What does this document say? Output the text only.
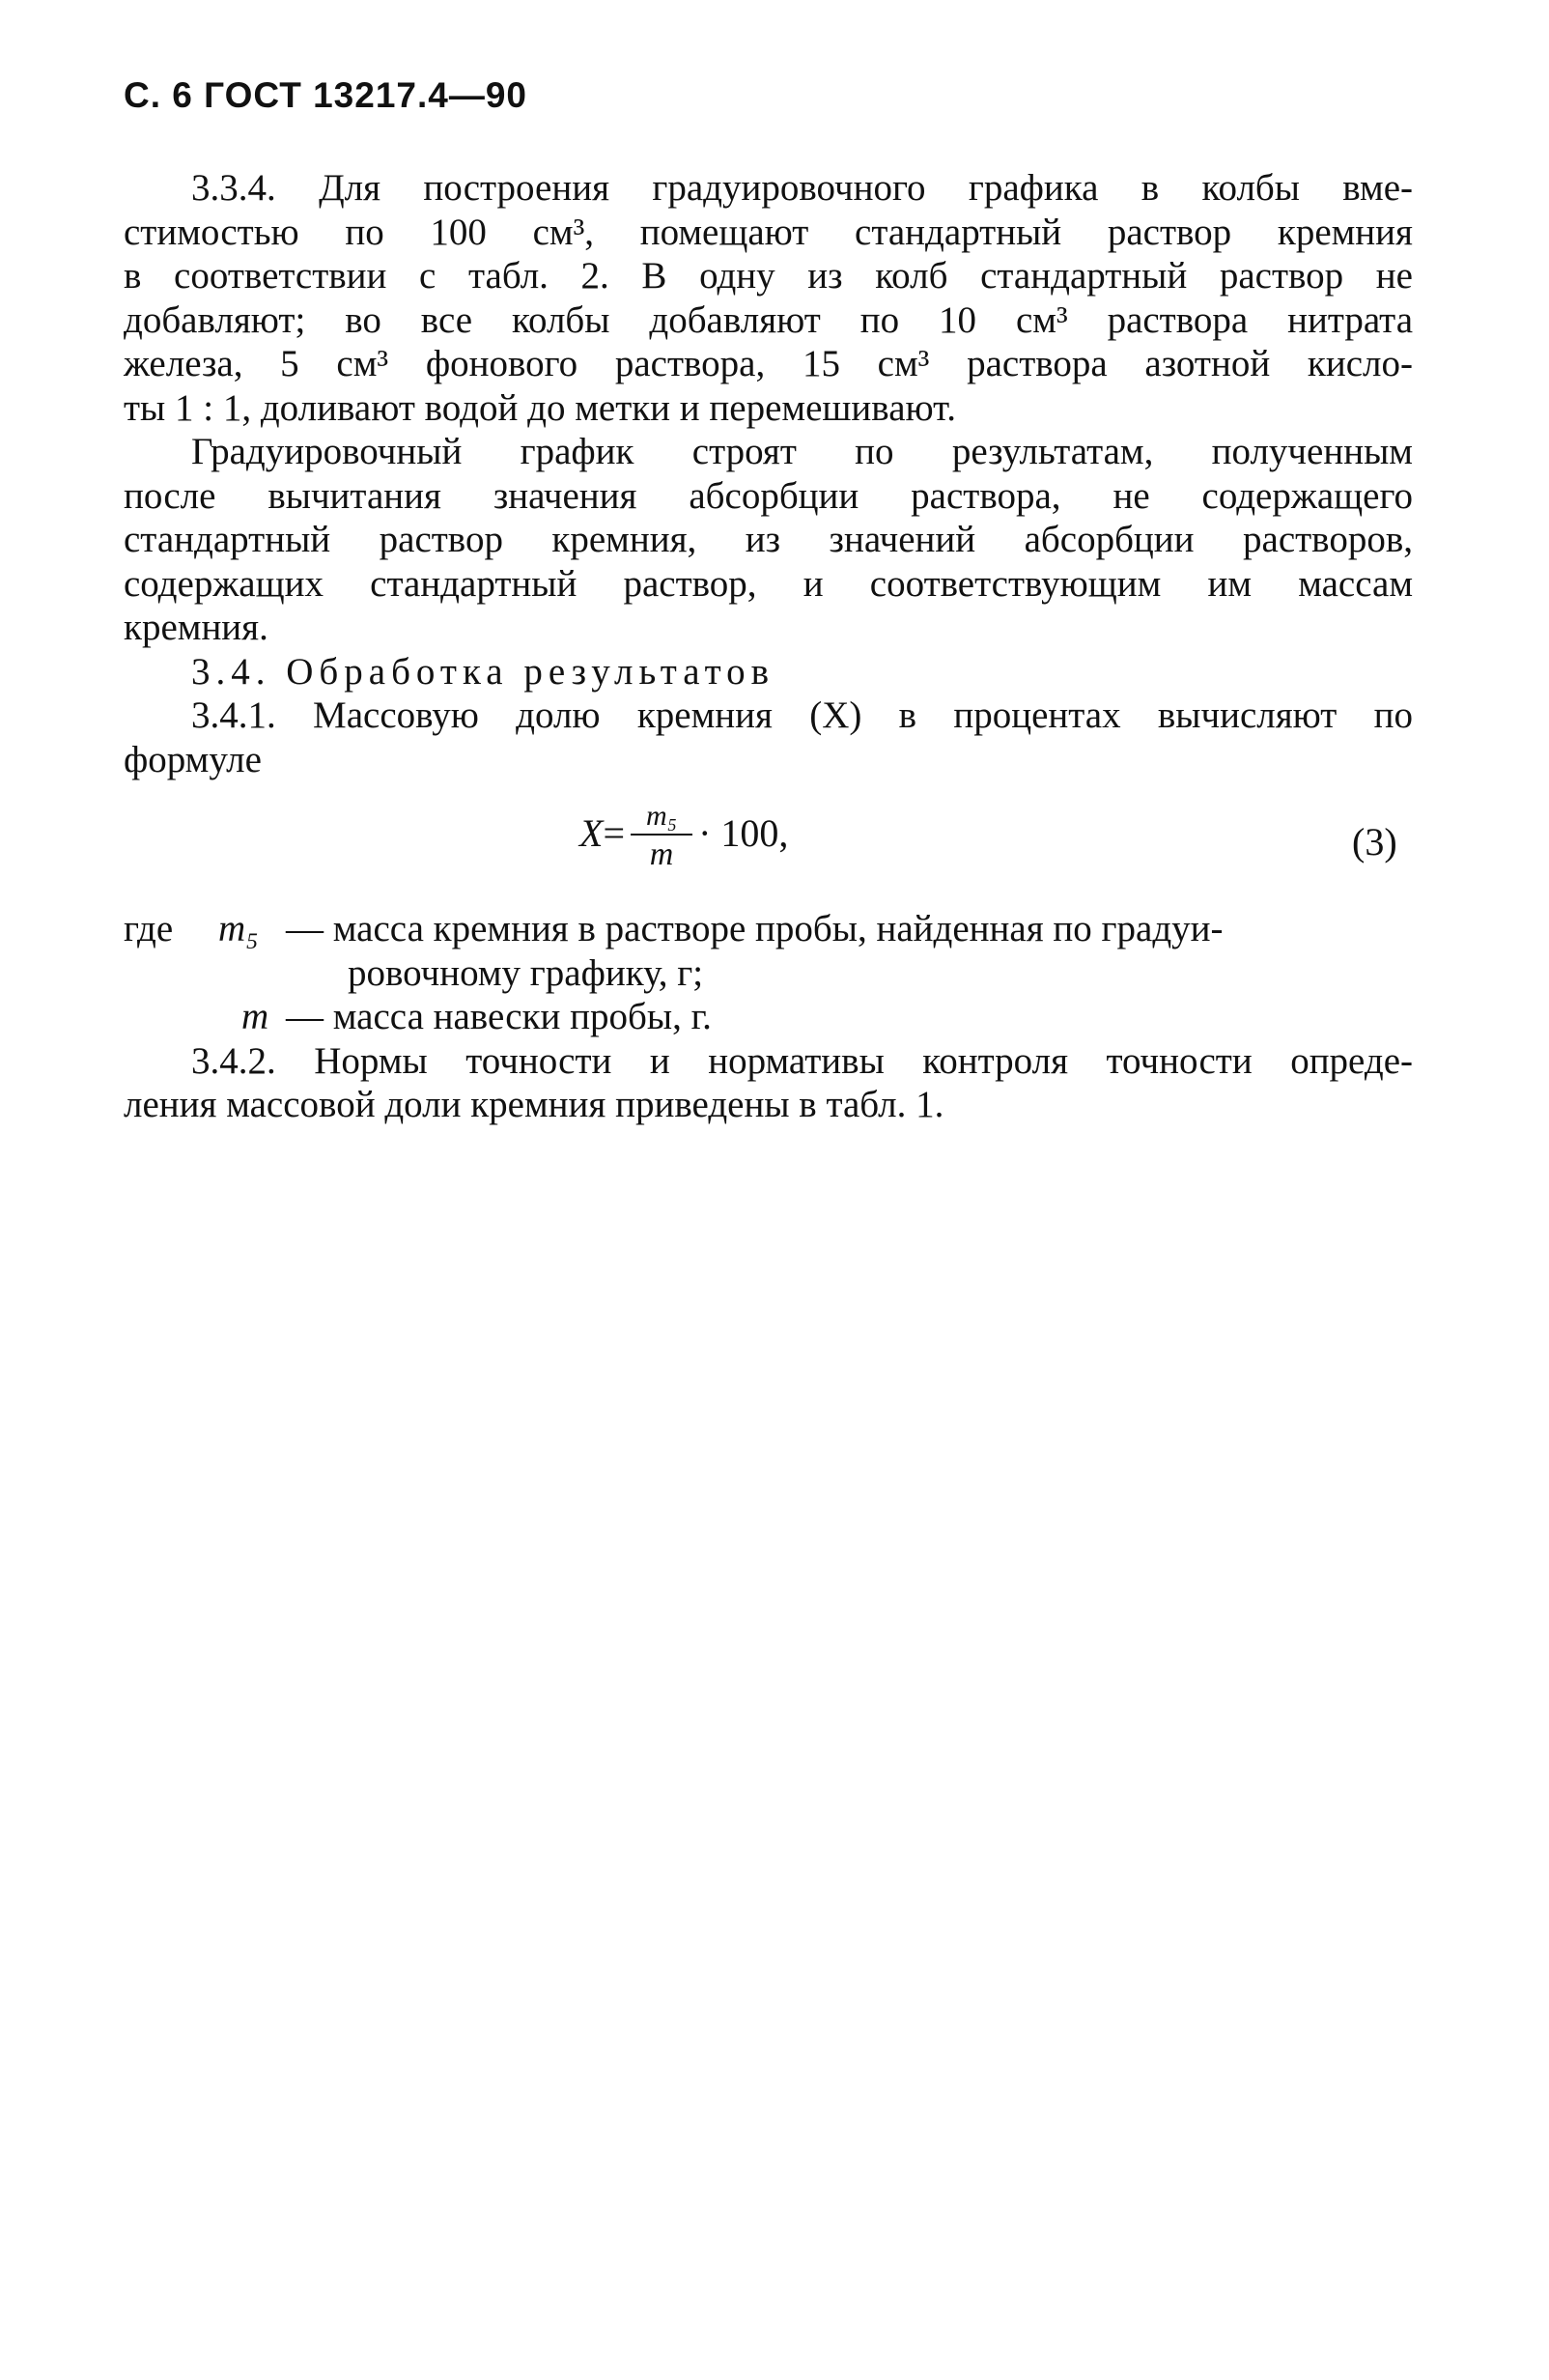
С. 6 ГОСТ 13217.4—90
3.3.4. Для построения градуировочного графика в колбы вме-
стимостью по 100 см³, помещают стандартный раствор кремния
в соответствии с табл. 2. В одну из колб стандартный раствор не
добавляют; во все колбы добавляют по 10 см³ раствора нитрата
железа, 5 см³ фонового раствора, 15 см³ раствора азотной кисло-
ты 1 : 1, доливают водой до метки и перемешивают.
Градуировочный график строят по результатам, полученным
после вычитания значения абсорбции раствора, не содержащего
стандартный раствор кремния, из значений абсорбции растворов,
содержащих стандартный раствор, и соответствующим им массам
кремния.
3.4. Обработка результатов
3.4.1. Массовую долю кремния (X) в процентах вычисляют по
формуле
$X= \frac{\text{m₅}}{m} \cdot 100$,	(3)
где m₅ — масса кремния в растворе пробы, найденная по градуи-
ровочному графику, г;
m — масса навески пробы, г.
3.4.2. Нормы точности и нормативы контроля точности опреде-
ления массовой доли кремния приведены в табл. 1.
